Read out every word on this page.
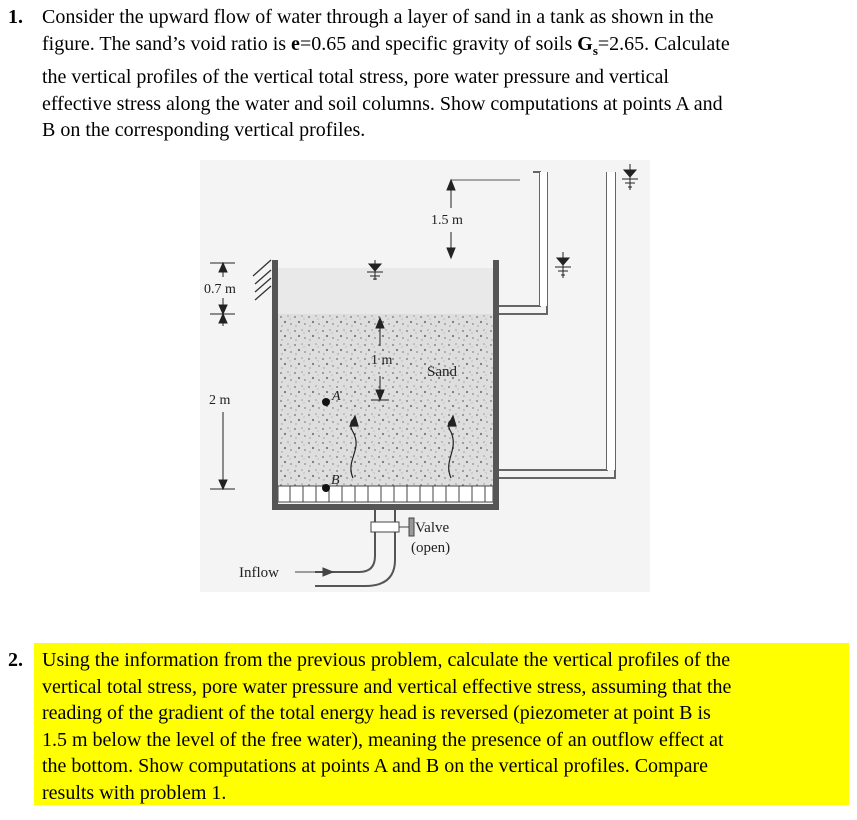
1. Consider the upward flow of water through a layer of sand in a tank as shown in the
figure. The sand’s void ratio is e=0.65 and specific gravity of soils $G_s=2.65$. Calculate
the vertical profiles of the vertical total stress, pore water pressure and vertical
effective stress along the water and soil columns. Show computations at points A and
B on the corresponding vertical profiles.
1.5 m
0.7 m
2 m
1 m
Sand
A
B
Valve
(open)
Inflow
2. Using the information from the previous problem, calculate the vertical profiles of the
vertical total stress, pore water pressure and vertical effective stress, assuming that the
reading of the gradient of the total energy head is reversed (piezometer at point B is
1.5 m below the level of the free water), meaning the presence of an outflow effect at
the bottom. Show computations at points A and B on the vertical profiles. Compare
results with problem 1.
